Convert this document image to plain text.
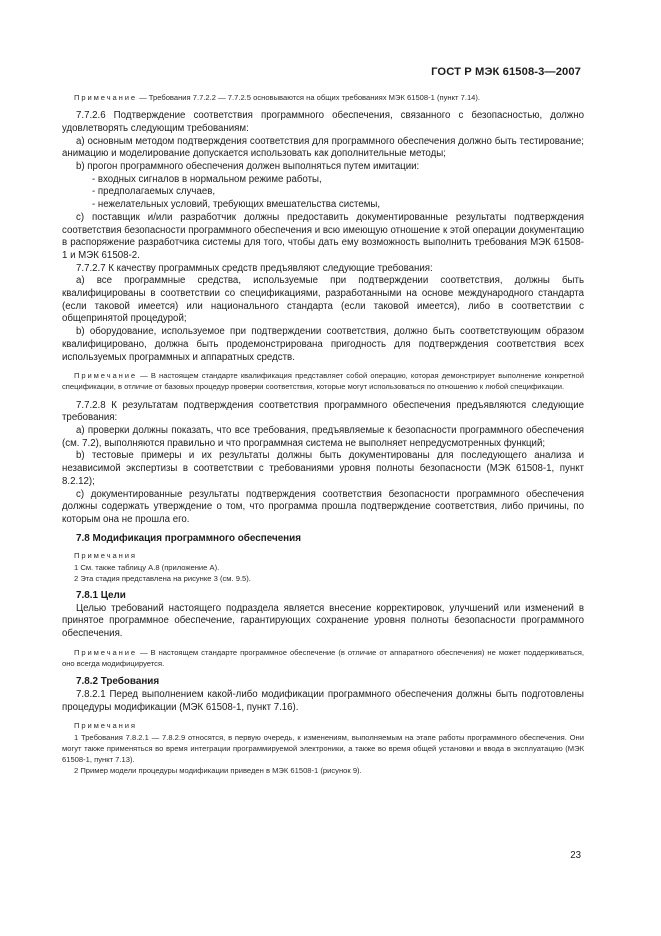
ГОСТ Р МЭК 61508-3—2007

Примечание — Требования 7.7.2.2 — 7.7.2.5 основываются на общих требованиях МЭК 61508-1 (пункт 7.14).

7.7.2.6 Подтверждение соответствия программного обеспечения, связанного с безопасностью, должно удовлетворять следующим требованиям:

а) основным методом подтверждения соответствия для программного обеспечения должно быть тестирование; анимацию и моделирование допускается использовать как дополнительные методы;

b) прогон программного обеспечения должен выполняться путем имитации:

- входных сигналов в нормальном режиме работы,

- предполагаемых случаев,

- нежелательных условий, требующих вмешательства системы,

с) поставщик и/или разработчик должны предоставить документированные результаты подтверждения соответствия безопасности программного обеспечения и всю имеющую отношение к этой операции документацию в распоряжение разработчика системы для того, чтобы дать ему возможность выполнить требования МЭК 61508-1 и МЭК 61508-2.

7.7.2.7 К качеству программных средств предъявляют следующие требования:

а) все программные средства, используемые при подтверждении соответствия, должны быть квалифицированы в соответствии со спецификациями, разработанными на основе международного стандарта (если таковой имеется) или национального стандарта (если таковой имеется), либо в соответствии с общепринятой процедурой;

b) оборудование, используемое при подтверждении соответствия, должно быть соответствующим образом квалифицировано, должна быть продемонстрирована пригодность для подтверждения соответствия всех используемых программных и аппаратных средств.

Примечание — В настоящем стандарте квалификация представляет собой операцию, которая демонстрирует выполнение конкретной спецификации, в отличие от базовых процедур проверки соответствия, которые могут использоваться по отношению к любой спецификации.

7.7.2.8 К результатам подтверждения соответствия программного обеспечения предъявляются следующие требования:

а) проверки должны показать, что все требования, предъявляемые к безопасности программного обеспечения (см. 7.2), выполняются правильно и что программная система не выполняет непредусмотренных функций;

b) тестовые примеры и их результаты должны быть документированы для последующего анализа и независимой экспертизы в соответствии с требованиями уровня полноты безопасности (МЭК 61508-1, пункт 8.2.12);

с) документированные результаты подтверждения соответствия безопасности программного обеспечения должны содержать утверждение о том, что программа прошла подтверждение соответствия, либо причины, по которым она не прошла его.

7.8 Модификация программного обеспечения

Примечания

1 См. также таблицу А.8 (приложение А).

2 Эта стадия представлена на рисунке 3 (см. 9.5).

7.8.1 Цели

Целью требований настоящего подраздела является внесение корректировок, улучшений или изменений в принятое программное обеспечение, гарантирующих сохранение уровня полноты безопасности программного обеспечения.

Примечание — В настоящем стандарте программное обеспечение (в отличие от аппаратного обеспечения) не может поддерживаться, оно всегда модифицируется.

7.8.2 Требования

7.8.2.1 Перед выполнением какой-либо модификации программного обеспечения должны быть подготовлены процедуры модификации (МЭК 61508-1, пункт 7.16).

Примечания

1 Требования 7.8.2.1 — 7.8.2.9 относятся, в первую очередь, к изменениям, выполняемым на этапе работы программного обеспечения. Они могут также применяться во время интеграции программируемой электроники, а также во время общей установки и ввода в эксплуатацию (МЭК 61508-1, пункт 7.13).

2 Пример модели процедуры модификации приведен в МЭК 61508-1 (рисунок 9).

23
